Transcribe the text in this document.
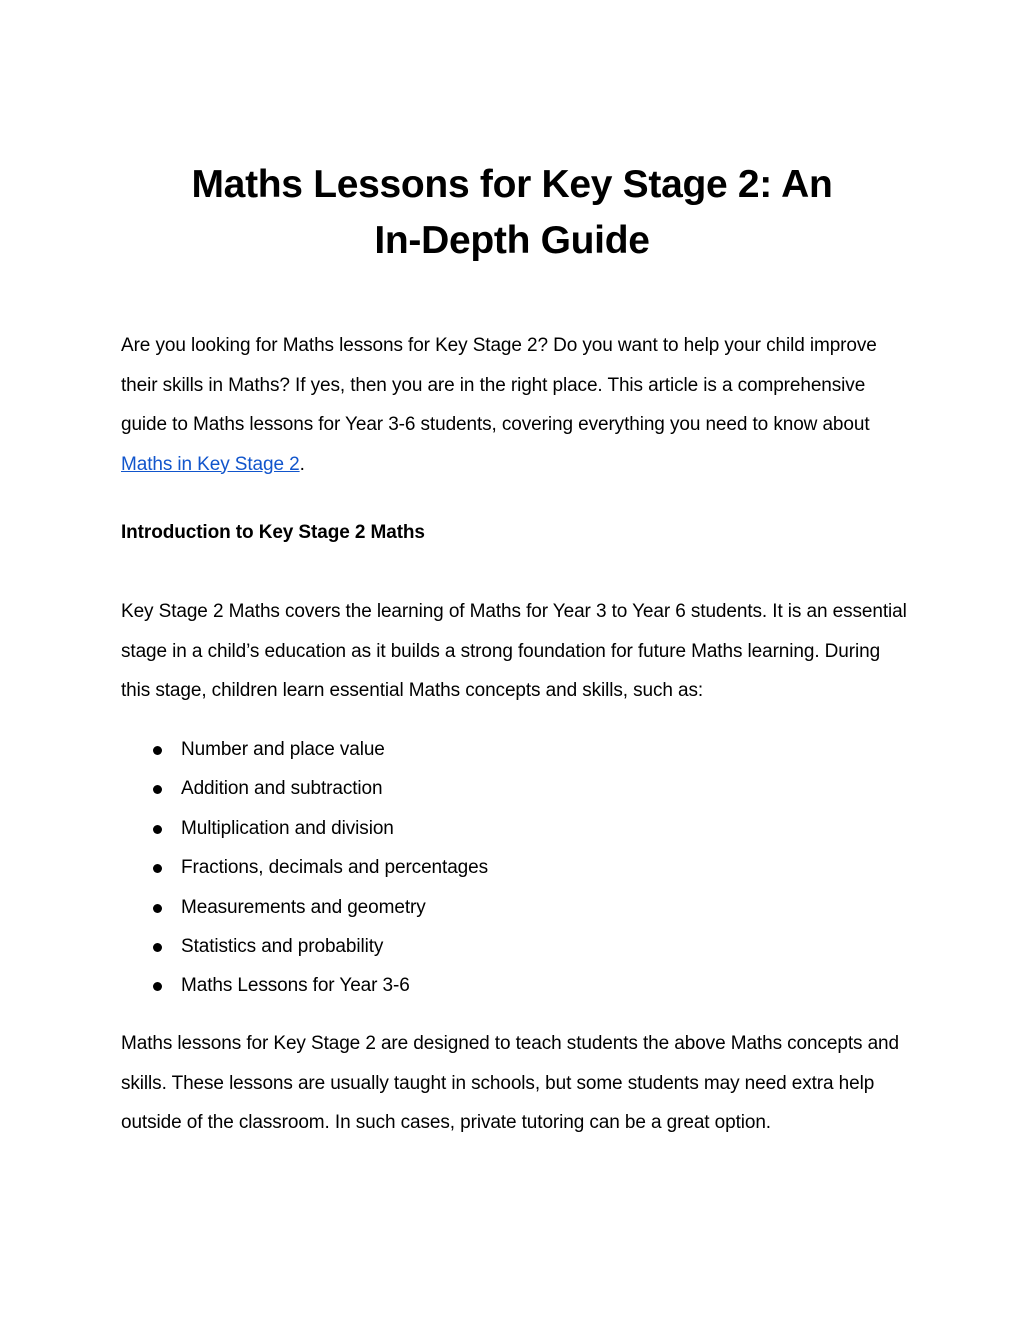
Maths Lessons for Key Stage 2: An
In-Depth Guide

Are you looking for Maths lessons for Key Stage 2? Do you want to help your child improve their skills in Maths? If yes, then you are in the right place. This article is a comprehensive guide to Maths lessons for Year 3-6 students, covering everything you need to know about Maths in Key Stage 2.

Introduction to Key Stage 2 Maths

Key Stage 2 Maths covers the learning of Maths for Year 3 to Year 6 students. It is an essential stage in a child’s education as it builds a strong foundation for future Maths learning. During this stage, children learn essential Maths concepts and skills, such as:

Number and place value
Addition and subtraction
Multiplication and division
Fractions, decimals and percentages
Measurements and geometry
Statistics and probability
Maths Lessons for Year 3-6

Maths lessons for Key Stage 2 are designed to teach students the above Maths concepts and skills. These lessons are usually taught in schools, but some students may need extra help outside of the classroom. In such cases, private tutoring can be a great option.
